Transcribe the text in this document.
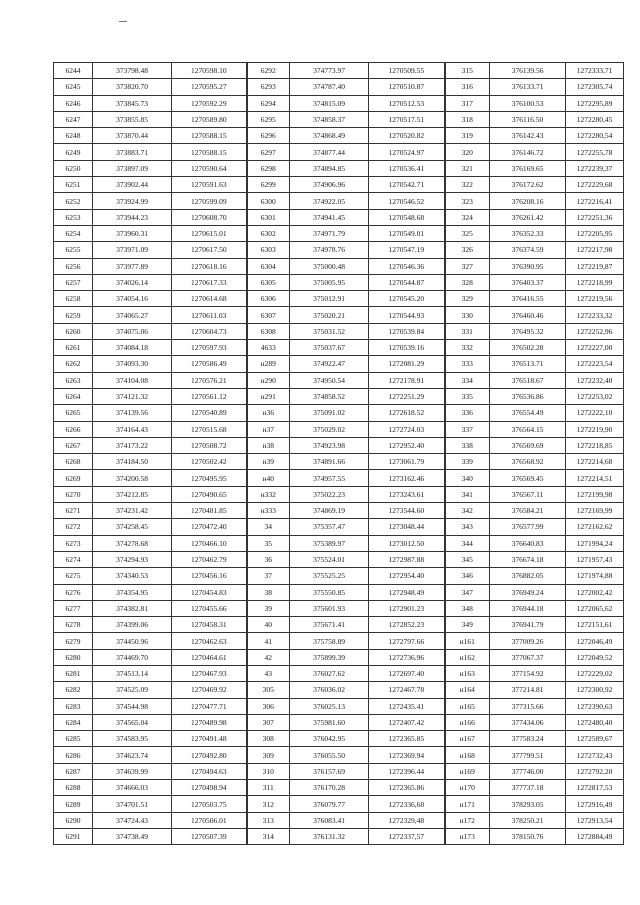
6244	373798.48	1270598.10	6292	374773.97	1270509.55	315	376139.56	1272333,71
6245	373820.70	1270595.27	6293	374787.40	1270510.87	316	376133.71	1272305,74
6246	373845.73	1270592.29	6294	374815.09	1270512.53	317	376100.53	1272295,89
6247	373855.85	1270589.80	6295	374858.37	1270517.51	318	376116.50	1272280,45
6248	373870.44	1270588.15	6296	374868.49	1270520.82	319	376142.43	1272280,54
6249	373883.71	1270588.15	6297	374877.44	1270524.97	320	376146.72	1272255,78
6250	373897.09	1270590.64	6298	374894.85	1270536.41	321	376169.65	1272239,37
6251	373902.44	1270591.63	6299	374906.96	1270542.71	322	376172.62	1272229,68
6252	373924.99	1270599.09	6300	374922.05	1270546.52	323	376208.16	1272216,41
6253	373944.23	1270608.70	6301	374941.45	1270548.68	324	376261.42	1272251,36
6254	373960.31	1270615.01	6302	374971.79	1270549.01	325	376352.33	1272205,95
6255	373971.09	1270617.50	6303	374978.76	1270547.19	326	376374.59	1272217,98
6256	373977.89	1270618.16	6304	375000.48	1270546.36	327	376390.95	1272219,87
6257	374026.14	1270617.33	6305	375005.95	1270544.87	328	376403.37	1272218,99
6258	374054.16	1270614.68	6306	375012.91	1270545.20	329	376416.55	1272219,56
6259	374065.27	1270611.03	6307	375020.21	1270544.93	330	376460.46	1272233,32
6260	374075.06	1270604.73	6308	375031.52	1270539.84	331	376495.32	1272252,96
6261	374084.18	1270597.93	4633	375037.67	1270539.16	332	376502.28	1272227,00
6262	374093.30	1270586.49	н289	374922.47	1272081.29	333	376513.71	1272223,54
6263	374104.08	1270576.21	н290	374950.54	1272178.91	334	376518.67	1272232,40
6264	374121.32	1270561.12	н291	374858.52	1272251.29	335	376536.86	1272253,02
6265	374139.56	1270540.89	н36	375091.02	1272618.52	336	376554.49	1272222,10
6266	374164.43	1270515.68	н37	375029.02	1272724.03	337	376564.15	1272219,90
6267	374173.22	1270508.72	н38	374923.98	1272952.40	338	376569.69	1272218,85
6268	374184.50	1270502.42	н39	374891.66	1273061.79	339	376568.92	1272214,68
6269	374200.58	1270495.95	н40	374957.55	1273162.46	340	376569.45	1272214,51
6270	374212.85	1270490.65	н332	375022.23	1273243.61	341	376567.11	1272199,98
6271	374231.42	1270481.85	н333	374869.19	1273544.60	342	376584.21	1272169,99
6272	374258.45	1270472.40	34	375357.47	1273048.44	343	376577.99	1272162,62
6273	374278.68	1270466.10	35	375389.97	1273012.50	344	376640.83	1271994,24
6274	374294.93	1270462.79	36	375524.01	1272987.88	345	376674.18	1271957,43
6275	374340.53	1270456.16	37	375525.25	1272954.40	346	376882.05	1271974,88
6276	374354.95	1270454.83	38	375550.85	1272948.49	347	376949.24	1272002,42
6277	374382.81	1270455.66	39	375601.93	1272901.23	348	376944.18	1272065,62
6278	374399.06	1270458.31	40	375671.41	1272852.23	349	376941.79	1272151,61
6279	374450.96	1270462.63	41	375758.89	1272797.66	н161	377009.26	1272046,49
6280	374469.70	1270464.61	42	375899.39	1272736.96	н162	377067.37	1272049,52
6281	374513.14	1270467.93	43	376027.62	1272697.40	н163	377154.92	1272229,02
6282	374525.09	1270469.92	305	376036.02	1272467.78	н164	377214.81	1272300,92
6283	374544.98	1270477.71	306	376025.13	1272435.41	н165	377315.66	1272390,63
6284	374565.04	1270489.98	307	375981.60	1272407.42	н166	377434.06	1272480,40
6285	374583.95	1270491.48	308	376042.95	1272365.85	н167	377583.24	1272589,67
6286	374623.74	1270492.80	309	376055.50	1272369.94	н168	377799.51	1272732,43
6287	374639.99	1270494.63	310	376157.69	1272396.44	н169	377746.00	1272792,20
6288	374666.03	1270498.94	311	376170.28	1272365.86	н170	377737.18	1272817,53
6289	374701.51	1270503.75	312	376079.77	1272336,68	н171	378293.05	1272916,49
6290	374724.43	1270506.01	313	376083.41	1272329,48	н172	378250.21	1272913,54
6291	374738.49	1270507.39	314	376131.32	1272337,57	н173	378150.76	1272884,49
